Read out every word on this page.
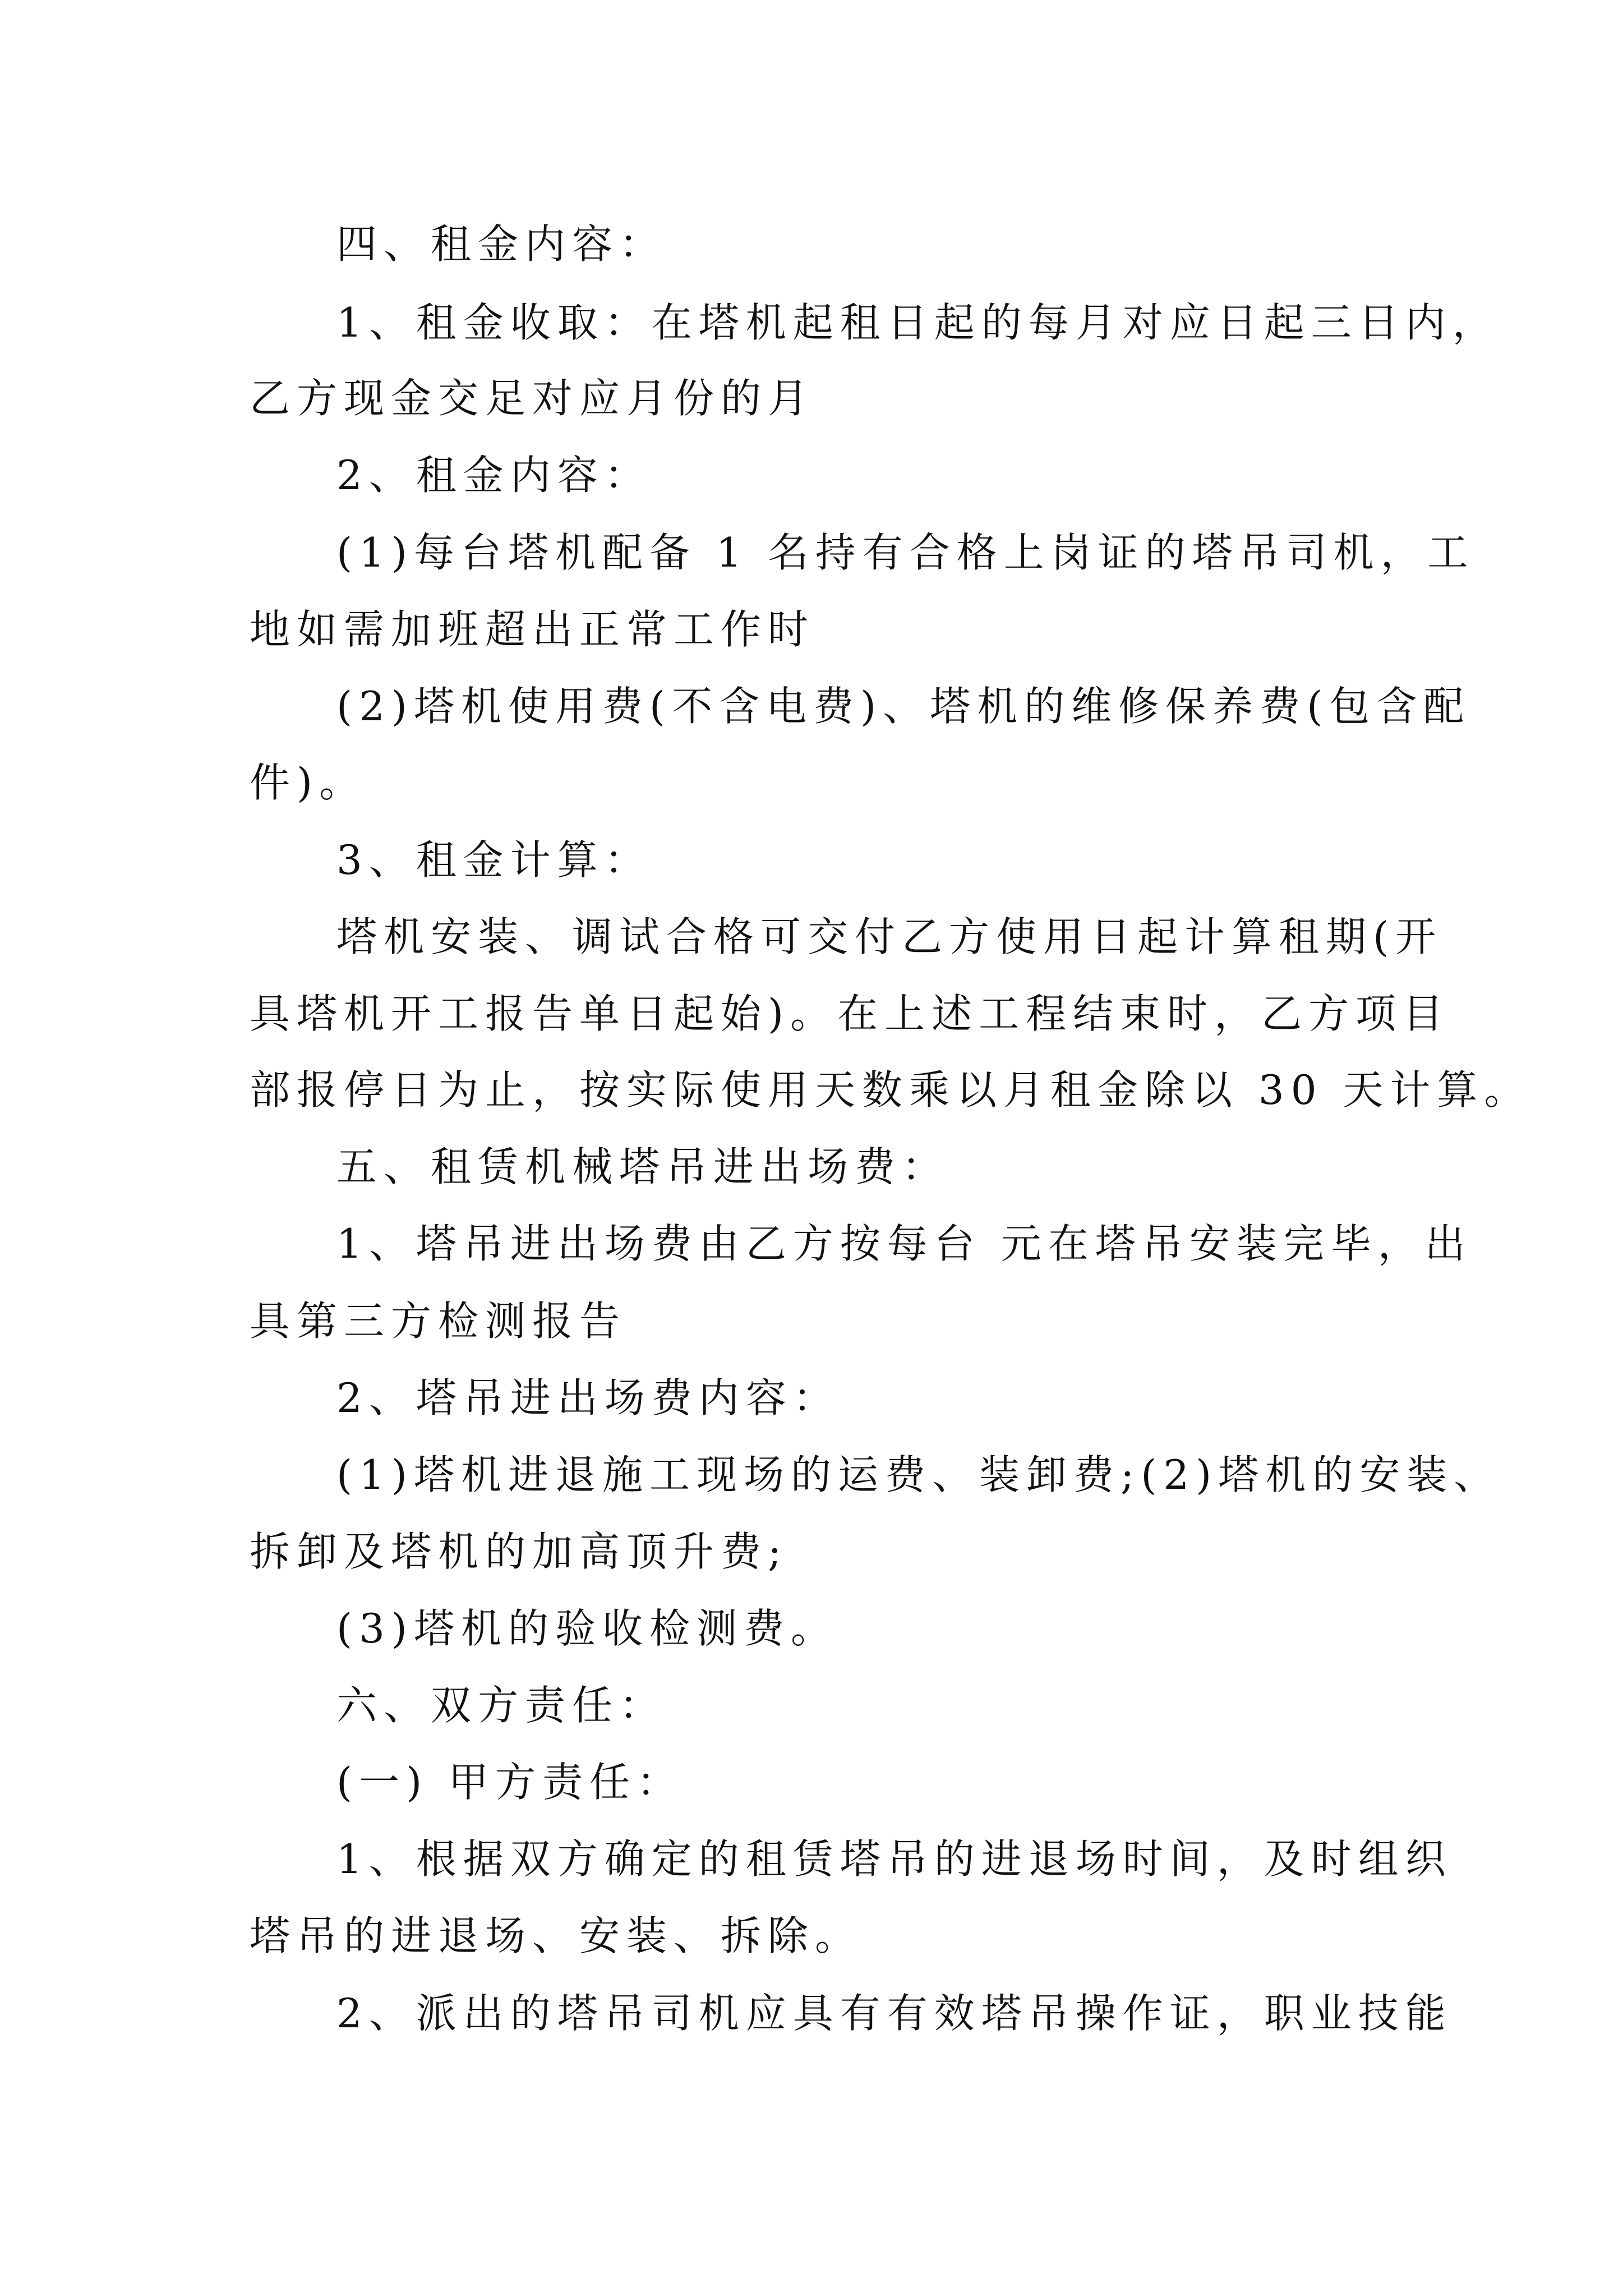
四、租金内容：
1、租金收取：在塔机起租日起的每月对应日起三日内，
乙方现金交足对应月份的月
2、租金内容：
(1)每台塔机配备 1 名持有合格上岗证的塔吊司机，工
地如需加班超出正常工作时
(2)塔机使用费(不含电费)、塔机的维修保养费(包含配
件)。
3、租金计算：
塔机安装、调试合格可交付乙方使用日起计算租期(开
具塔机开工报告单日起始)。在上述工程结束时，乙方项目
部报停日为止，按实际使用天数乘以月租金除以 30 天计算。
五、租赁机械塔吊进出场费：
1、塔吊进出场费由乙方按每台 元在塔吊安装完毕，出
具第三方检测报告
2、塔吊进出场费内容：
(1)塔机进退施工现场的运费、装卸费;(2)塔机的安装、
拆卸及塔机的加高顶升费;
(3)塔机的验收检测费。
六、双方责任：
(一) 甲方责任：
1、根据双方确定的租赁塔吊的进退场时间，及时组织
塔吊的进退场、安装、拆除。
2、派出的塔吊司机应具有有效塔吊操作证，职业技能
